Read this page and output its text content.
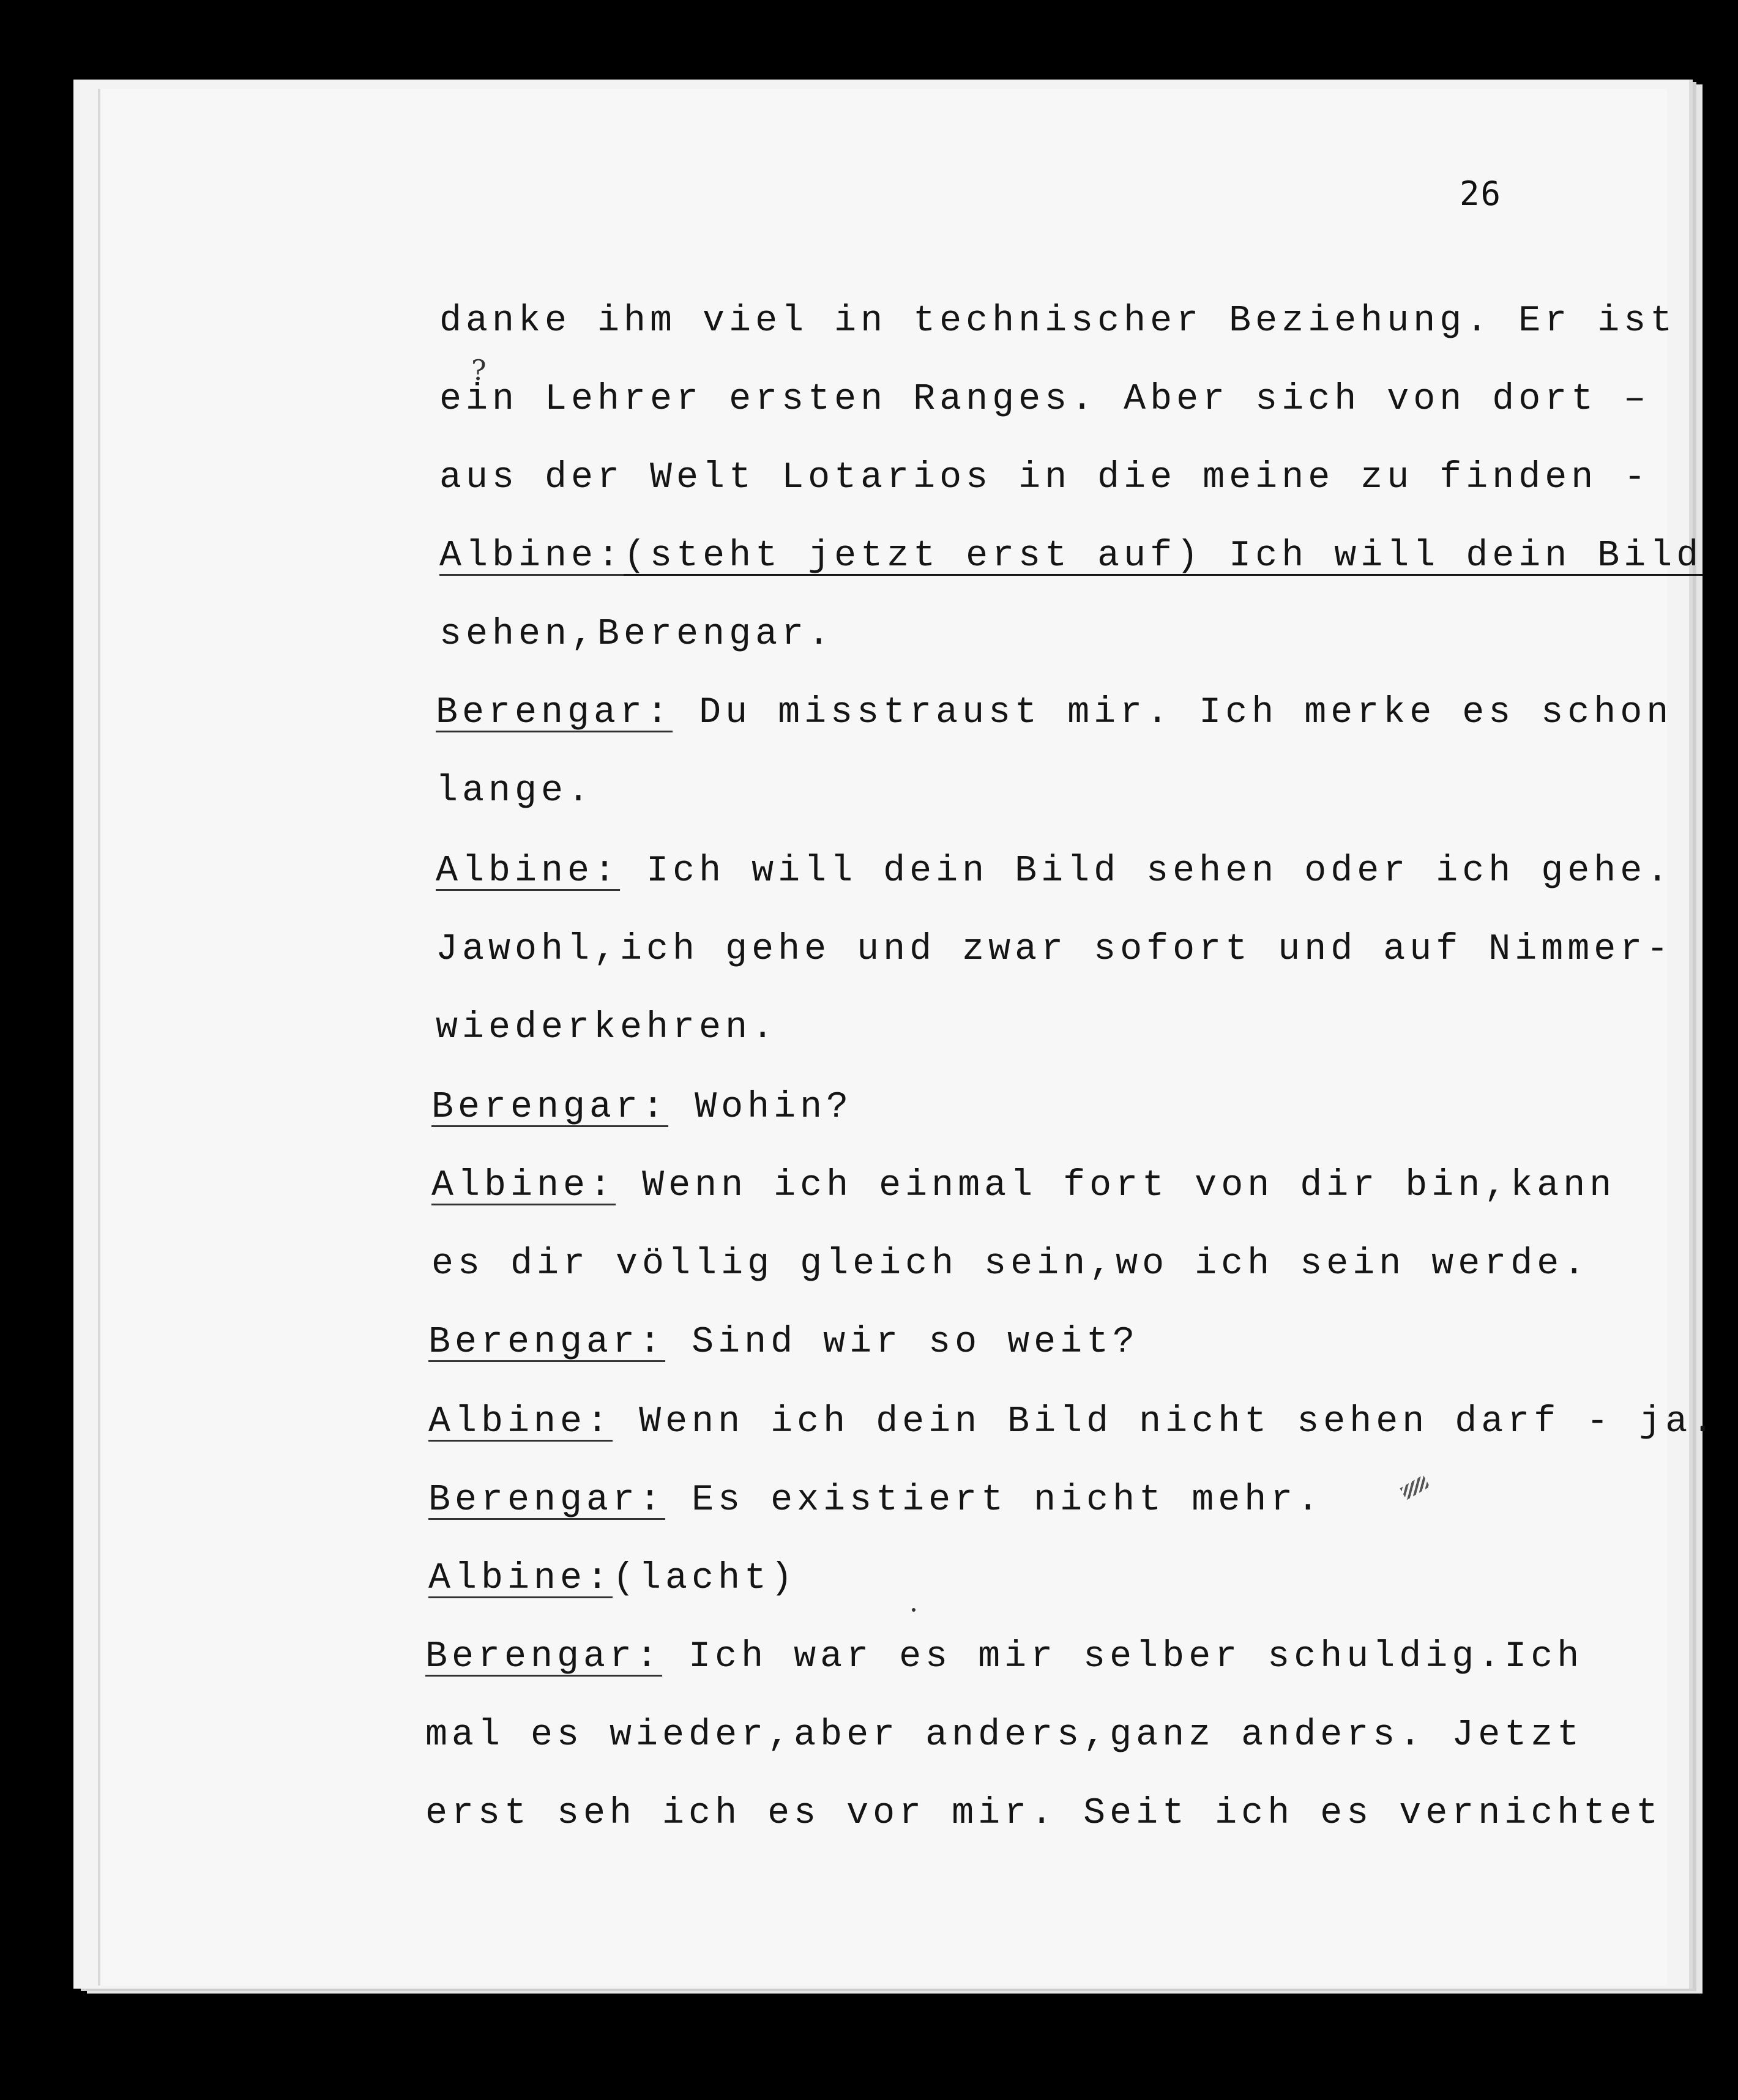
26
danke ihm viel in technischer Beziehung. Er ist
ein Lehrer ersten Ranges. Aber sich von dort –
?
aus der Welt Lotarios in die meine zu finden -
Albine:(steht jetzt erst auf) Ich will dein Bild
sehen,Berengar.
Berengar: Du misstraust mir. Ich merke es schon
lange.
Albine: Ich will dein Bild sehen oder ich gehe.
Jawohl,ich gehe und zwar sofort und auf Nimmer-
wiederkehren.
Berengar: Wohin?
Albine: Wenn ich einmal fort von dir bin,kann
es dir völlig gleich sein,wo ich sein werde.
Berengar: Sind wir so weit?
Albine: Wenn ich dein Bild nicht sehen darf - ja.
Berengar: Es existiert nicht mehr.
Albine:(lacht)
Berengar: Ich war es mir selber schuldig.Ich
mal es wieder,aber anders,ganz anders. Jetzt
erst seh ich es vor mir. Seit ich es vernichtet
